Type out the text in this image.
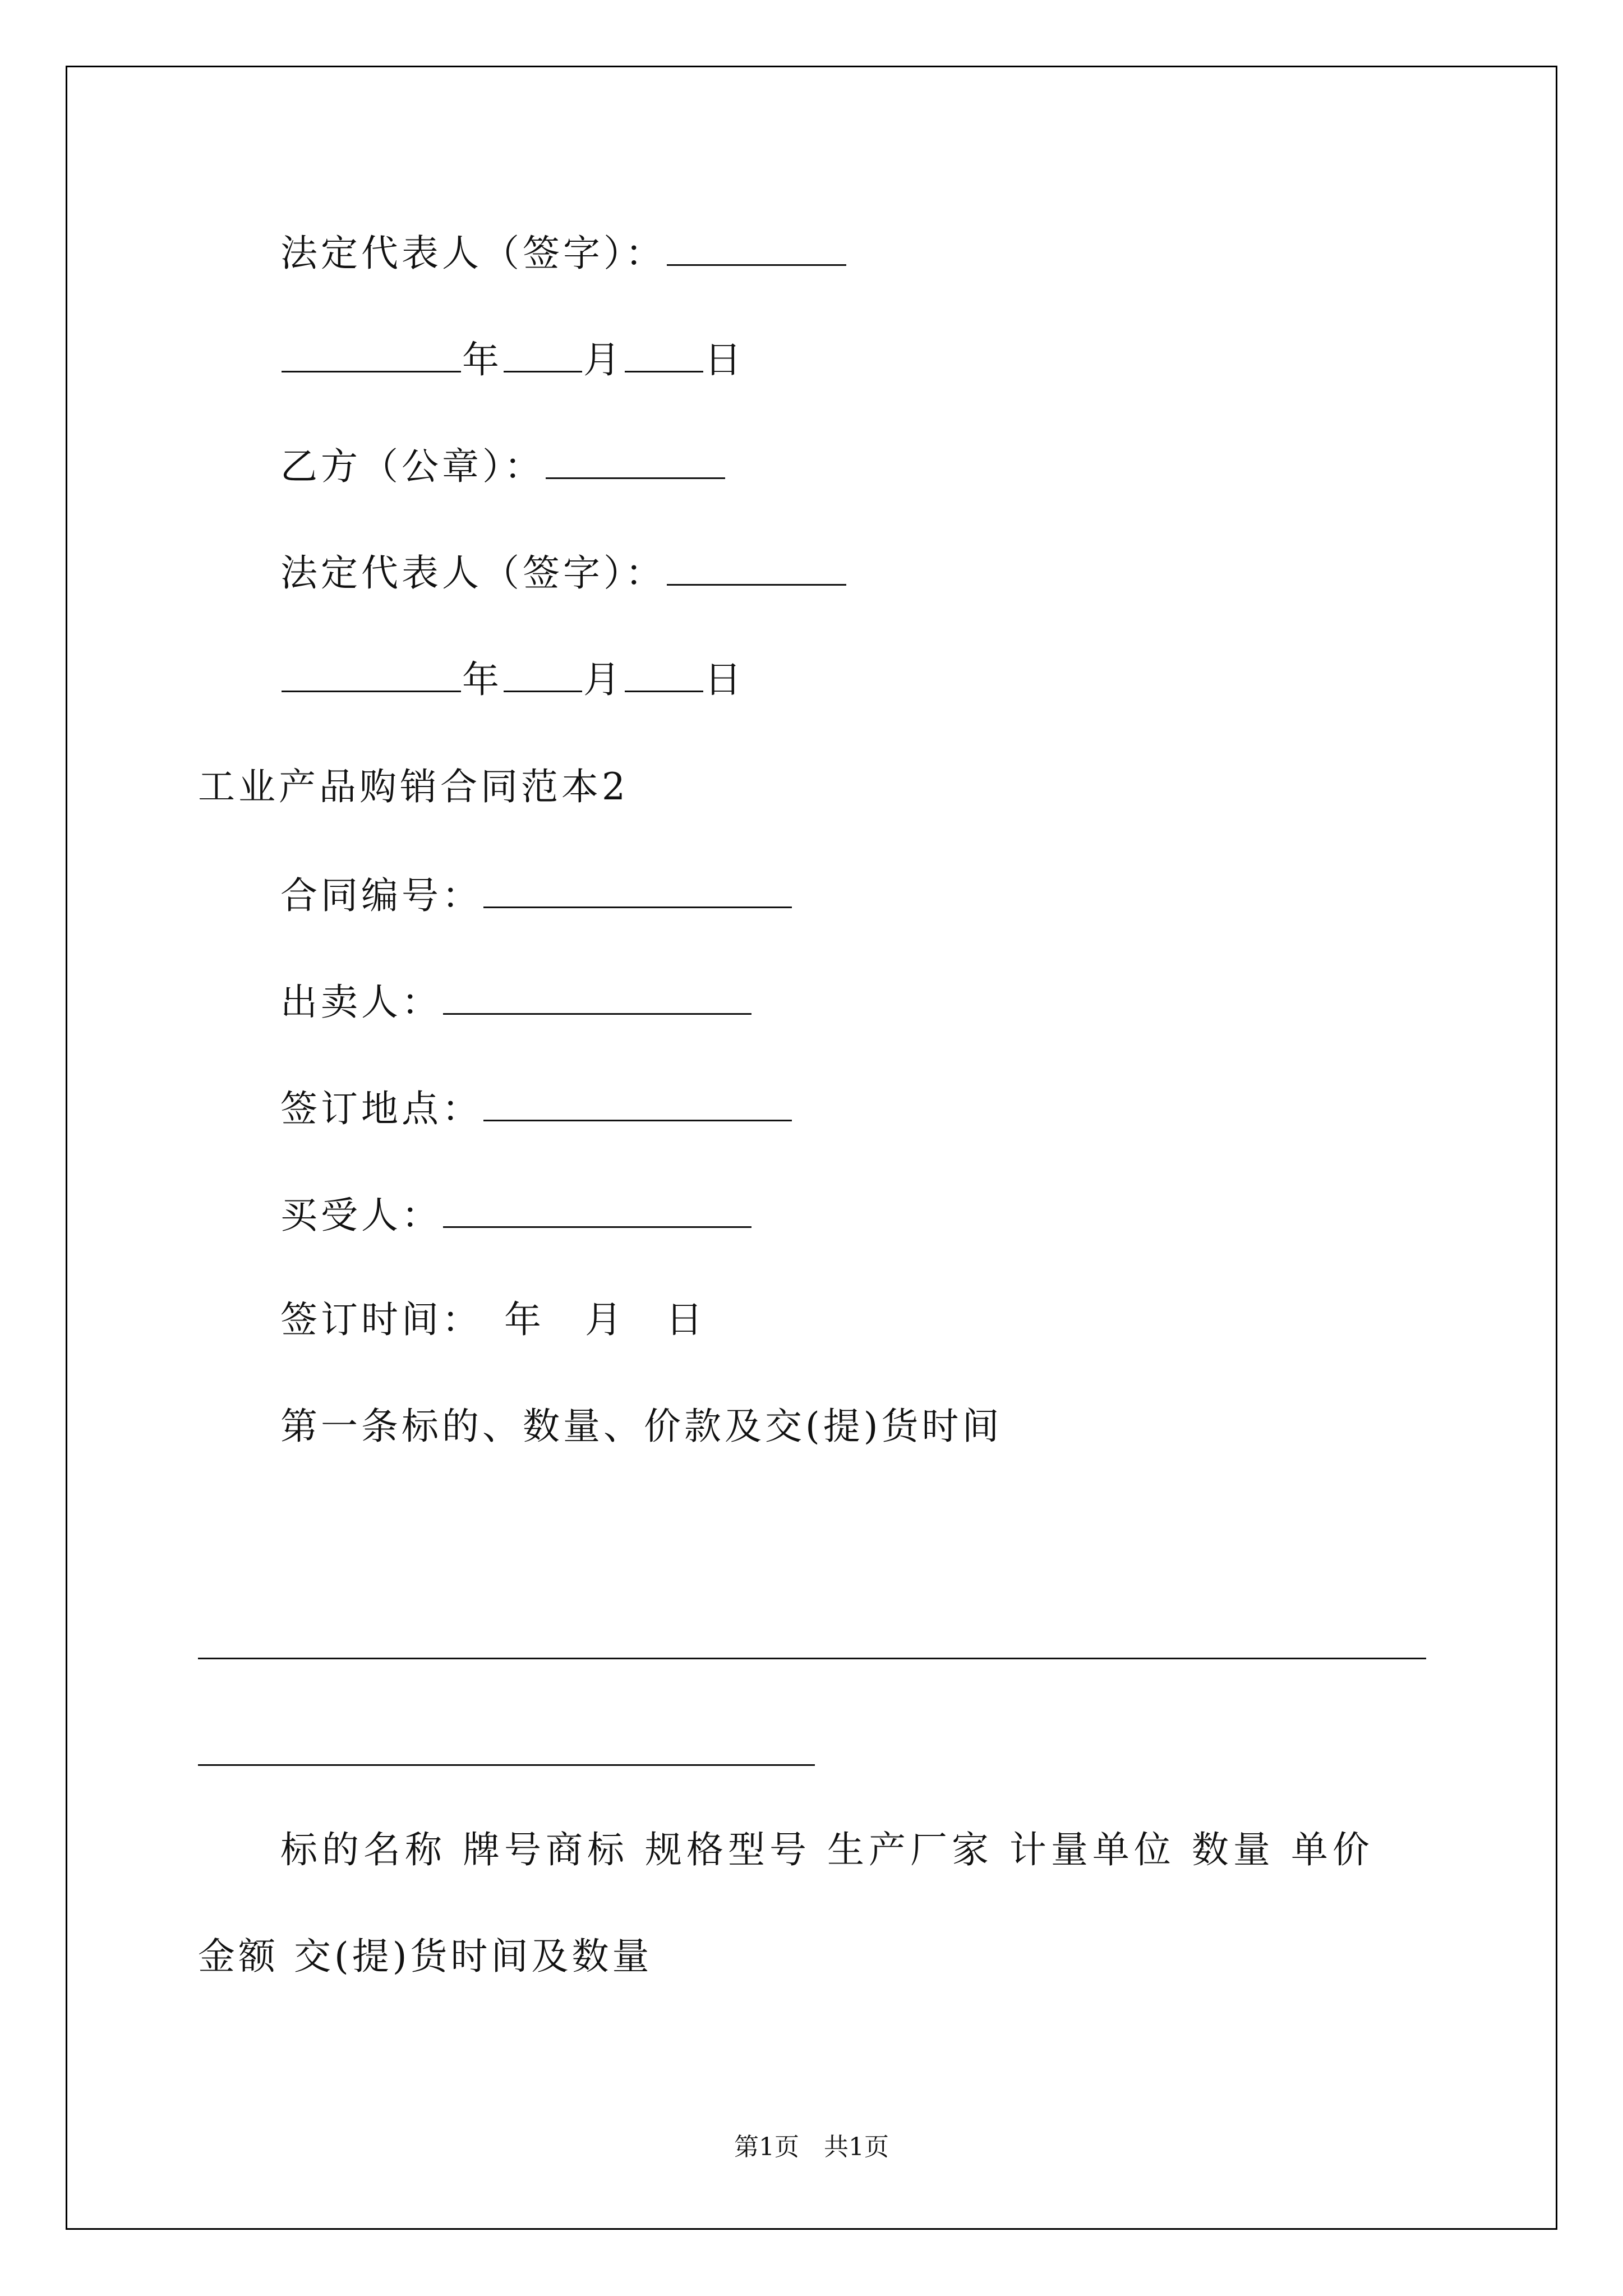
法定代表人（签字）：
年 月 日
乙方（公章）：
法定代表人（签字）：
年 月 日
工业产品购销合同范本2
合同编号：
出卖人：
签订地点：
买受人：
签订时间：　年　月　日
第一条标的、数量、价款及交(提)货时间
标的名称 牌号商标 规格型号 生产厂家 计量单位 数量 单价
金额 交(提)货时间及数量
第1页　共1页
